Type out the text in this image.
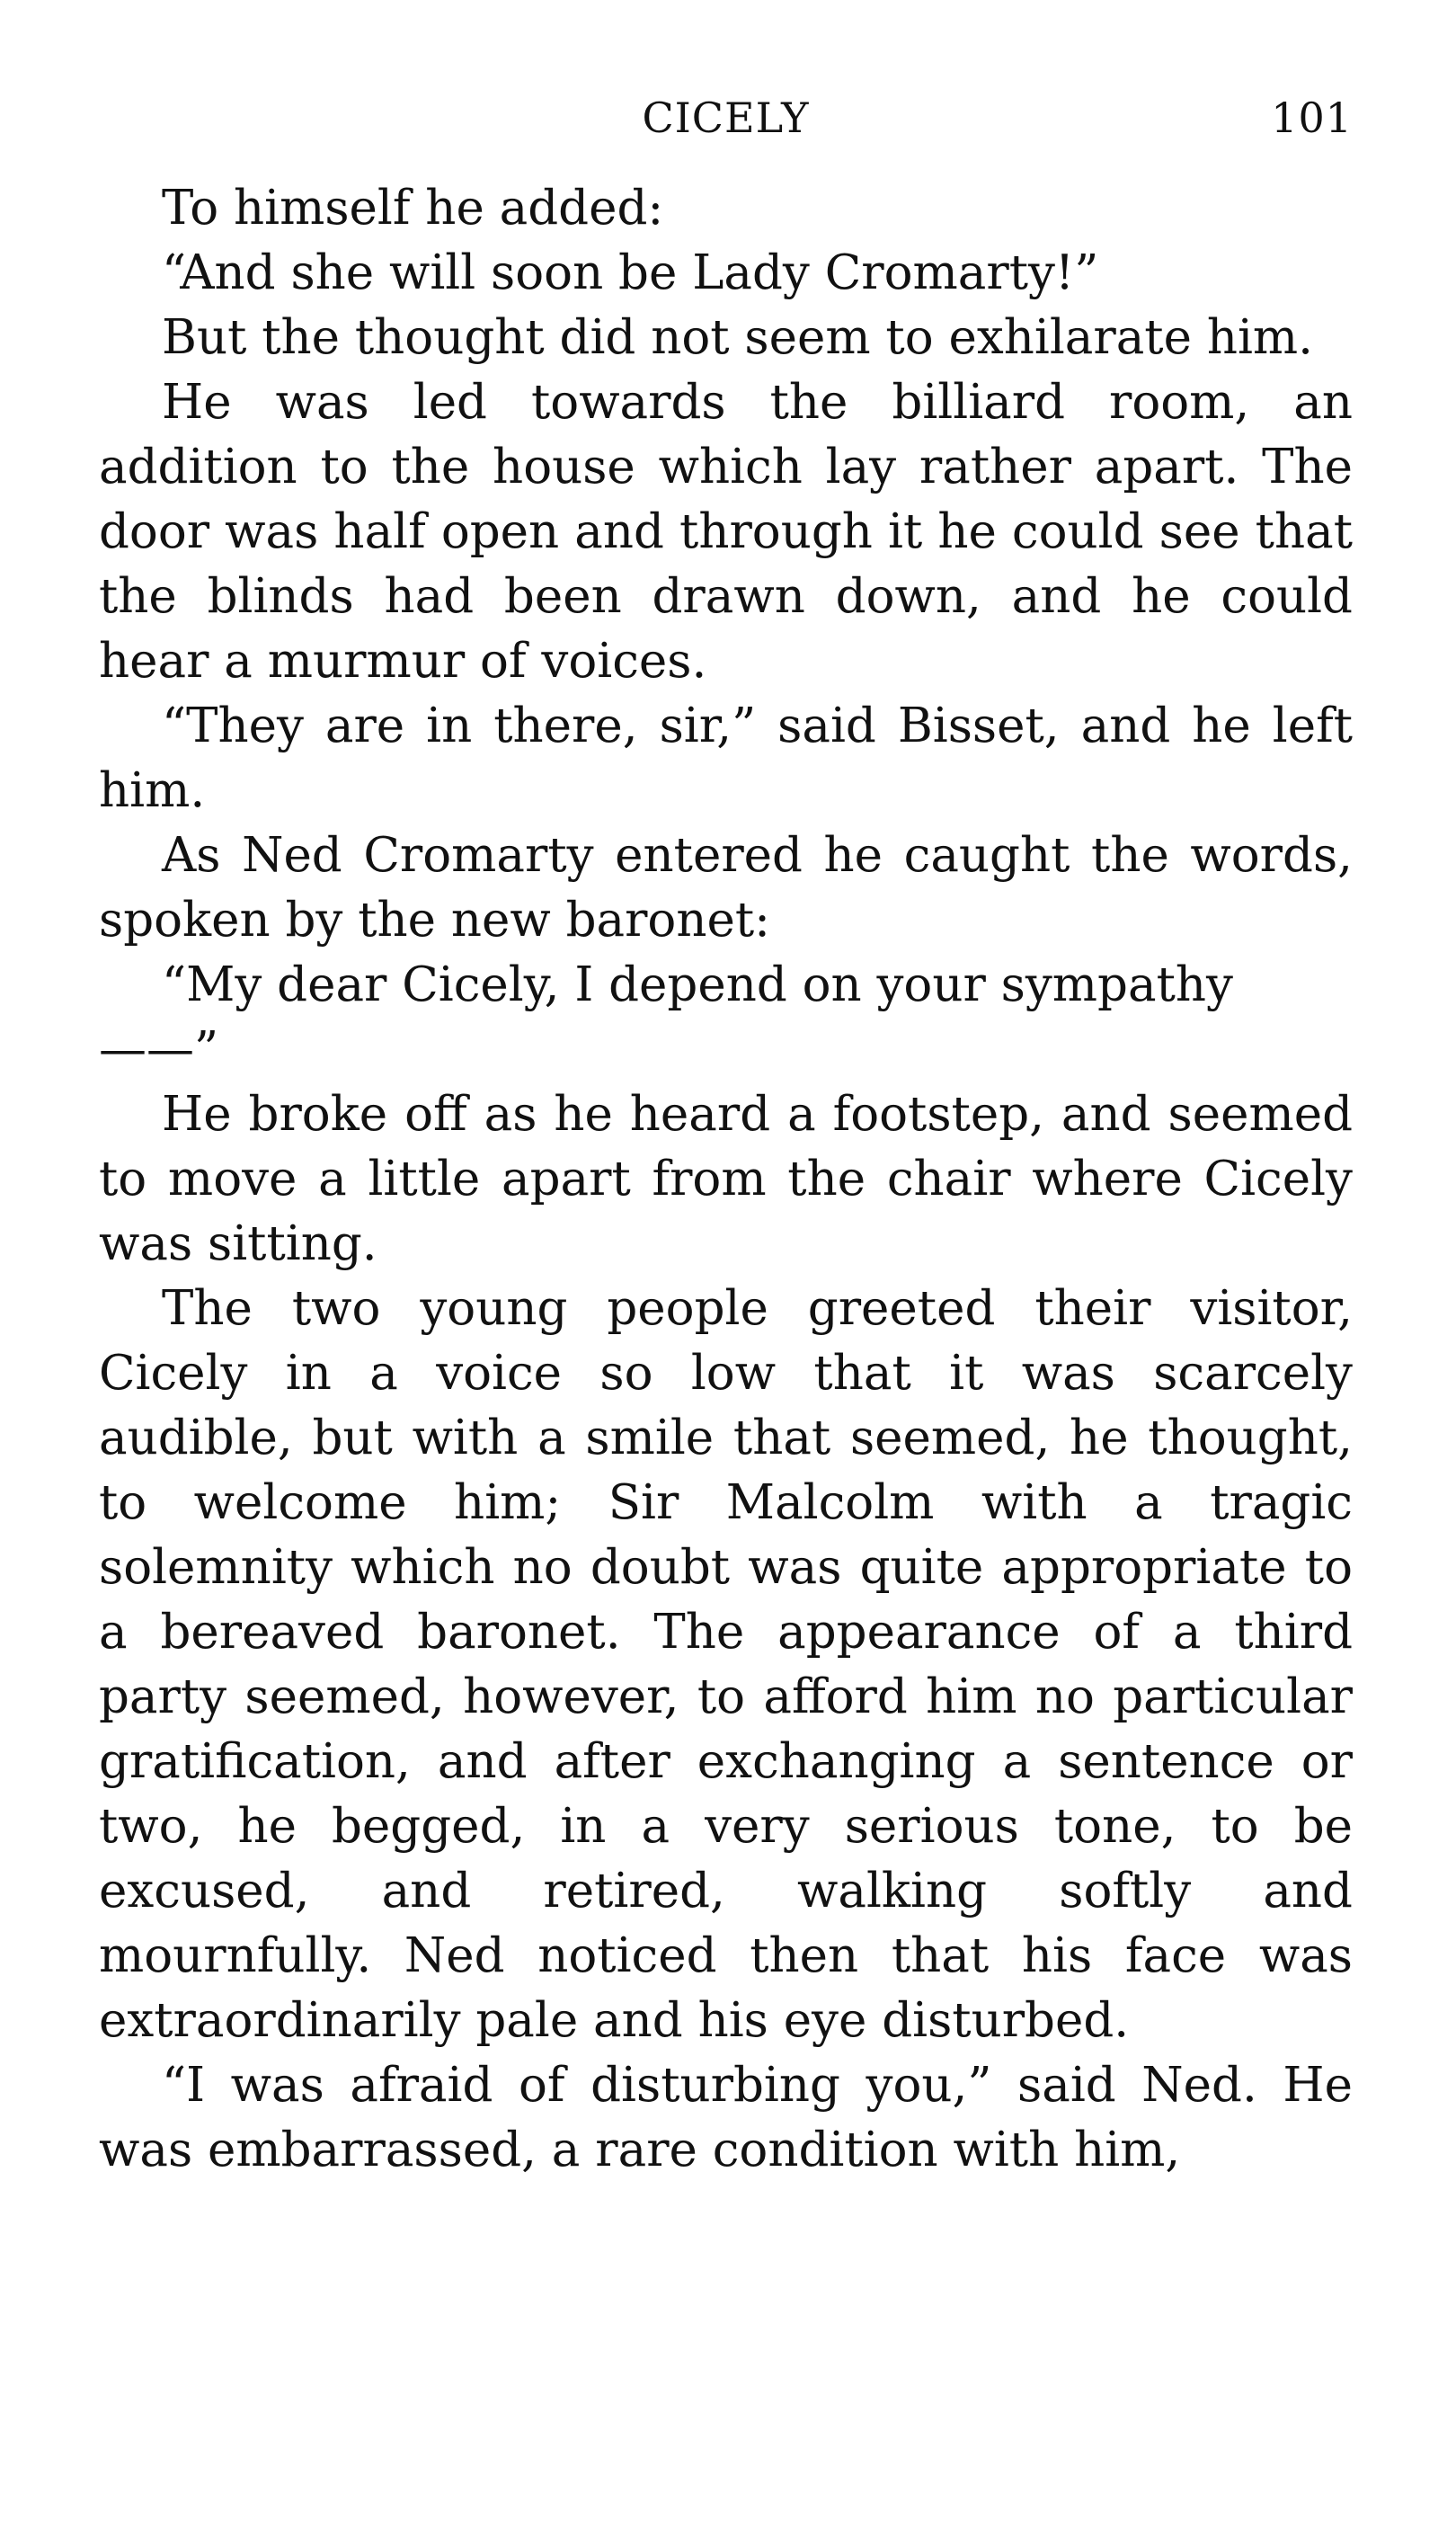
CICELY	101

To himself he added:

“And she will soon be Lady Cromarty!”

But the thought did not seem to exhilarate him.

He was led towards the billiard room, an addition to the house which lay rather apart. The door was half open and through it he could see that the blinds had been drawn down, and he could hear a murmur of voices.

“They are in there, sir,” said Bisset, and he left him.

As Ned Cromarty entered he caught the words, spoken by the new baronet:

“My dear Cicely, I depend on your sympathy——”

He broke off as he heard a footstep, and seemed to move a little apart from the chair where Cicely was sitting.

The two young people greeted their visitor, Cicely in a voice so low that it was scarcely audible, but with a smile that seemed, he thought, to welcome him; Sir Malcolm with a tragic solemnity which no doubt was quite appropriate to a bereaved baronet. The appearance of a third party seemed, however, to afford him no particular gratification, and after exchanging a sentence or two, he begged, in a very serious tone, to be excused, and retired, walking softly and mournfully. Ned noticed then that his face was extraordinarily pale and his eye disturbed.

“I was afraid of disturbing you,” said Ned. He was embarrassed, a rare condition with him,
